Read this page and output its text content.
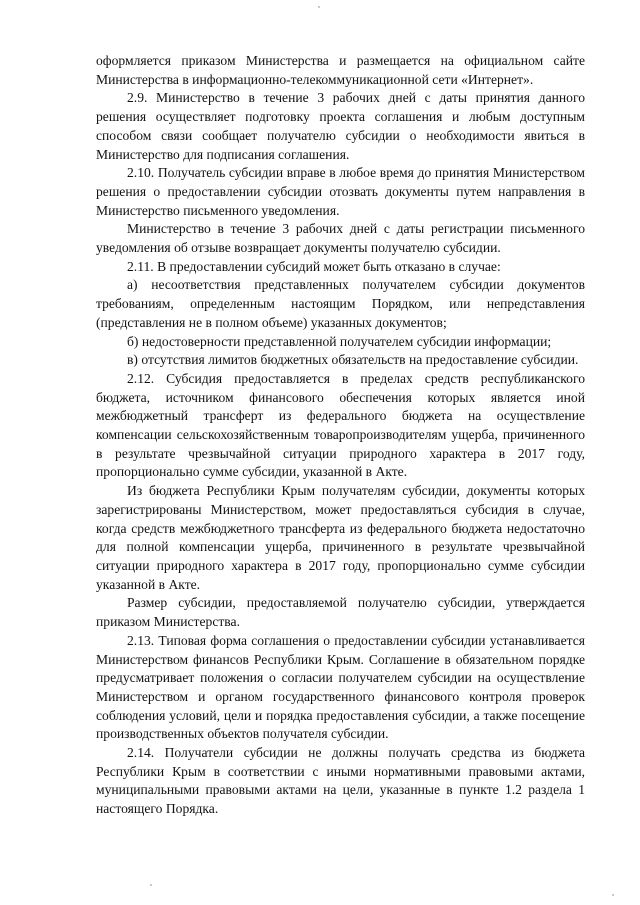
оформляется приказом Министерства и размещается на официальном сайте Министерства в информационно-телекоммуникационной сети «Интернет».

2.9. Министерство в течение 3 рабочих дней с даты принятия данного решения осуществляет подготовку проекта соглашения и любым доступным способом связи сообщает получателю субсидии о необходимости явиться в Министерство для подписания соглашения.

2.10. Получатель субсидии вправе в любое время до принятия Министерством решения о предоставлении субсидии отозвать документы путем направления в Министерство письменного уведомления.

Министерство в течение 3 рабочих дней с даты регистрации письменного уведомления об отзыве возвращает документы получателю субсидии.

2.11. В предоставлении субсидий может быть отказано в случае:

а) несоответствия представленных получателем субсидии документов требованиям, определенным настоящим Порядком, или непредставления (представления не в полном объеме) указанных документов;

б) недостоверности представленной получателем субсидии информации;

в) отсутствия лимитов бюджетных обязательств на предоставление субсидии.

2.12. Субсидия предоставляется в пределах средств республиканского бюджета, источником финансового обеспечения которых является иной межбюджетный трансферт из федерального бюджета на осуществление компенсации сельскохозяйственным товаропроизводителям ущерба, причиненного в результате чрезвычайной ситуации природного характера в 2017 году, пропорционально сумме субсидии, указанной в Акте.

Из бюджета Республики Крым получателям субсидии, документы которых зарегистрированы Министерством, может предоставляться субсидия в случае, когда средств межбюджетного трансферта из федерального бюджета недостаточно для полной компенсации ущерба, причиненного в результате чрезвычайной ситуации природного характера в 2017 году, пропорционально сумме субсидии указанной в Акте.

Размер субсидии, предоставляемой получателю субсидии, утверждается приказом Министерства.

2.13. Типовая форма соглашения о предоставлении субсидии устанавливается Министерством финансов Республики Крым. Соглашение в обязательном порядке предусматривает положения о согласии получателем субсидии на осуществление Министерством и органом государственного финансового контроля проверок соблюдения условий, цели и порядка предоставления субсидии, а также посещение производственных объектов получателя субсидии.

2.14. Получатели субсидии не должны получать средства из бюджета Республики Крым в соответствии с иными нормативными правовыми актами, муниципальными правовыми актами на цели, указанные в пункте 1.2 раздела 1 настоящего Порядка.
